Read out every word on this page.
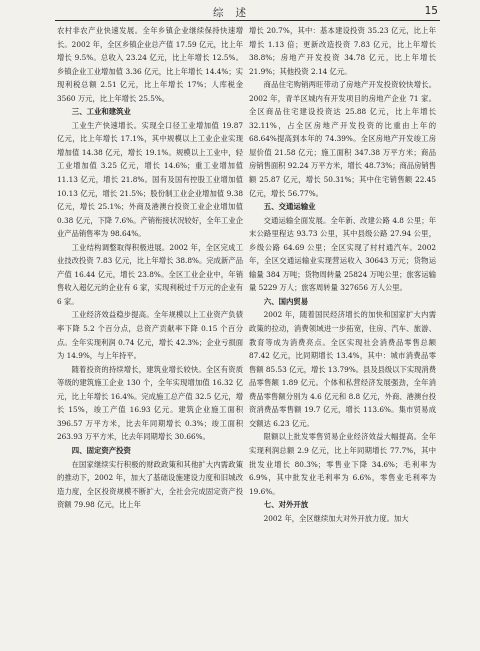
综述	15

农村非农产业快速发展。全年乡镇企业继续保持快速增长。2002 年，全区乡镇企业总产值 17.59 亿元，比上年增长 9.5%。总收入 23.24 亿元，比上年增长 12.5%。乡镇企业工业增加值 3.36 亿元，比上年增长 14.4%；实现利税总额 2.51 亿元，比上年增长 17%；人库税金 3560 万元，比上年增长 25.5%。

三、工业和建筑业

工业生产快速增长。实现全口径工业增加值 19.87 亿元，比上年增长 17.1%，其中规模以上工业企业实现增加值 14.38 亿元，增长 19.1%。规模以上工业中，轻工业增加值 3.25 亿元，增长 14.6%；重工业增加值 11.13 亿元，增长 21.8%。国有及国有控股工业增加值 10.13 亿元，增长 21.5%；股份制工业企业增加值 9.38 亿元，增长 25.1%；外商及港澳台投资工业企业增加值 0.38 亿元，下降 7.6%。产销衔接状况较好，全年工业企业产品销售率为 98.64%。

工业结构调整取得积极进展。2002 年，全区完成工业技改投资 7.83 亿元，比上年增长 38.8%。完成新产品产值 16.44 亿元，增长 23.8%。全区工业企业中，年销售收入超亿元的企业有 6 家，实现利税过千万元的企业有 6 家。

工业经济效益稳步提高。全年规模以上工业资产负债率下降 5.2 个百分点，总资产贡献率下降 0.15 个百分点。全年实现利润 0.74 亿元，增长 42.3%；企业亏损面为 14.9%，与上年持平。

随着投资的持续增长，建筑业增长较快。全区有资质等级的建筑施工企业 130 个，全年实现增加值 16.32 亿元，比上年增长 16.4%。完成施工总产值 32.5 亿元，增长 15%，竣工产值 16.93 亿元。建筑企业施工面积 396.57 万平方米，比去年同期增长 0.3%；竣工面积 263.93 万平方米，比去年同期增长 30.66%。

四、固定资产投资

在国家继续实行积极的财政政策和其他扩大内需政策的推动下，2002 年，加大了基础设施建设力度和旧城改造力度，全区投资规模不断扩大，全社会完成固定资产投资额 79.98 亿元，比上年

增长 20.7%，其中：基本建设投资 35.23 亿元，比上年增长 1.13 倍；更新改造投资 7.83 亿元，比上年增长 38.8%；房地产开发投资 34.78 亿元，比上年增长 21.9%；其他投资 2.14 亿元。

商品住宅购销两旺带动了房地产开发投资较快增长。2002 年，青羊区城内有开发项目的房地产企业 71 家。全区商品住宅建设投资达 25.88 亿元，比上年增长 32.11%，占全区房地产开发投资的比重由上年的 68.64%提高到本年的 74.39%。全区房地产开发竣工房屋价值 21.58 亿元；施工面积 347.38 万平方米；商品房销售面积 92.24 万平方米，增长 48.73%；商品房销售额 25.87 亿元，增长 50.31%；其中住宅销售额 22.45 亿元，增长 56.77%。

五、交通运输业

交通运输全面发展。全年新、改建公路 4.8 公里；年末公路里程达 93.73 公里，其中县级公路 27.94 公里，乡级公路 64.69 公里；全区实现了村村通汽车。2002 年，全区交通运输业实现营运收入 30643 万元；货物运输量 384 万吨；货物周转量 25824 万吨公里；旅客运输量 5229 万人；旅客周转量 327656 万人公里。

六、国内贸易

2002 年，随着国民经济增长的加快和国家扩大内需政策的拉动，消费领域进一步拓宽，住房、汽车、旅游、教育等成为消费亮点。全区实现社会消费品零售总额 87.42 亿元，比同期增长 13.4%，其中：城市消费品零售额 85.53 亿元，增长 13.79%。县及县级以下实现消费品零售额 1.89 亿元。个体和私营经济发展强劲，全年消费品零售额分别为 4.6 亿元和 8.8 亿元，外商、港澳台投资消费品零售额 19.7 亿元，增长 113.6%。集市贸易成交额达 6.23 亿元。

限额以上批发零售贸易企业经济效益大幅提高。全年实现利润总额 2.9 亿元，比上年同期增长 77.7%，其中批发业增长 80.3%；零售业下降 34.6%；毛利率为 6.9%，其中批发业毛利率为 6.6%，零售业毛利率为 19.6%。

七、对外开放

2002 年，全区继续加大对外开放力度。加大
